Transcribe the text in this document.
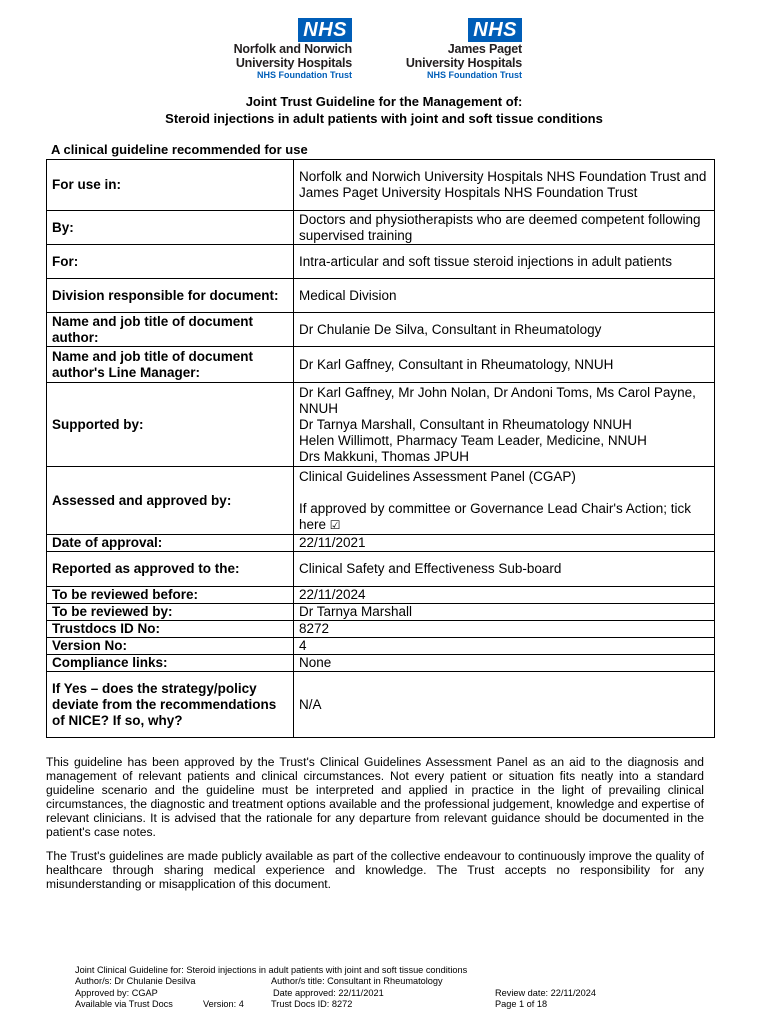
NHS
Norfolk and Norwich
University Hospitals
NHS Foundation Trust
NHS
James Paget
University Hospitals
NHS Foundation Trust
Joint Trust Guideline for the Management of:
Steroid injections in adult patients with joint and soft tissue conditions
A clinical guideline recommended for use
For use in:	Norfolk and Norwich University Hospitals NHS Foundation Trust and James Paget University Hospitals NHS Foundation Trust
By:	Doctors and physiotherapists who are deemed competent following supervised training
For:	Intra-articular and soft tissue steroid injections in adult patients
Division responsible for document:	Medical Division
Name and job title of document author:	Dr Chulanie De Silva, Consultant in Rheumatology
Name and job title of document author's Line Manager:	Dr Karl Gaffney, Consultant in Rheumatology, NNUH
Supported by:	Dr Karl Gaffney, Mr John Nolan, Dr Andoni Toms, Ms Carol Payne, NNUH
Dr Tarnya Marshall, Consultant in Rheumatology NNUH
Helen Willimott, Pharmacy Team Leader, Medicine, NNUH
Drs Makkuni, Thomas JPUH

Assessed and approved by:	Clinical Guidelines Assessment Panel (CGAP)
If approved by committee or Governance Lead Chair's Action; tick here ☑

Date of approval:	22/11/2021
Reported as approved to the:	Clinical Safety and Effectiveness Sub-board
To be reviewed before:	22/11/2024
To be reviewed by:	Dr Tarnya Marshall
Trustdocs ID No:	8272
Version No:	4
Compliance links:	None
If Yes – does the strategy/policy deviate from the recommendations of NICE? If so, why?	N/A
This guideline has been approved by the Trust's Clinical Guidelines Assessment Panel as an aid to the diagnosis and management of relevant patients and clinical circumstances. Not every patient or situation fits neatly into a standard guideline scenario and the guideline must be interpreted and applied in practice in the light of prevailing clinical circumstances, the diagnostic and treatment options available and the professional judgement, knowledge and expertise of relevant clinicians. It is advised that the rationale for any departure from relevant guidance should be documented in the patient's case notes.
The Trust's guidelines are made publicly available as part of the collective endeavour to continuously improve the quality of healthcare through sharing medical experience and knowledge. The Trust accepts no responsibility for any misunderstanding or misapplication of this document.
Joint Clinical Guideline for: Steroid injections in adult patients with joint and soft tissue conditions
Author/s: Dr Chulanie Desilva	Author/s title: Consultant in Rheumatology
Approved by: CGAP	Date approved: 22/11/2021	Review date: 22/11/2024
Available via Trust Docs	Version: 4	Trust Docs ID: 8272	Page 1 of 18
